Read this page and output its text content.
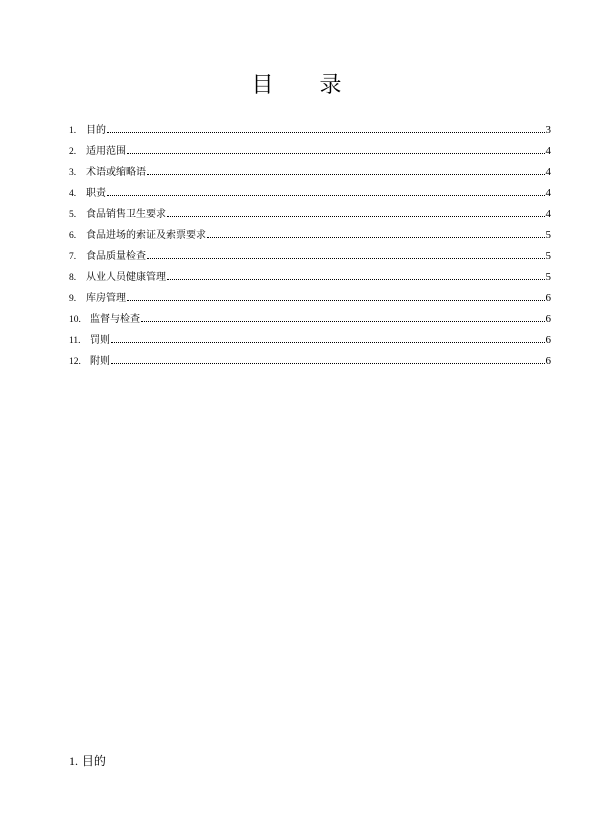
目 录
1. 目的	3
2. 适用范围	4
3. 术语或缩略语	4
4. 职责	4
5. 食品销售卫生要求	4
6. 食品进场的索证及索票要求	5
7. 食品质量检查	5
8. 从业人员健康管理	5
9. 库房管理	6
10. 监督与检查	6
11. 罚则	6
12. 附则	6
1. 目的
